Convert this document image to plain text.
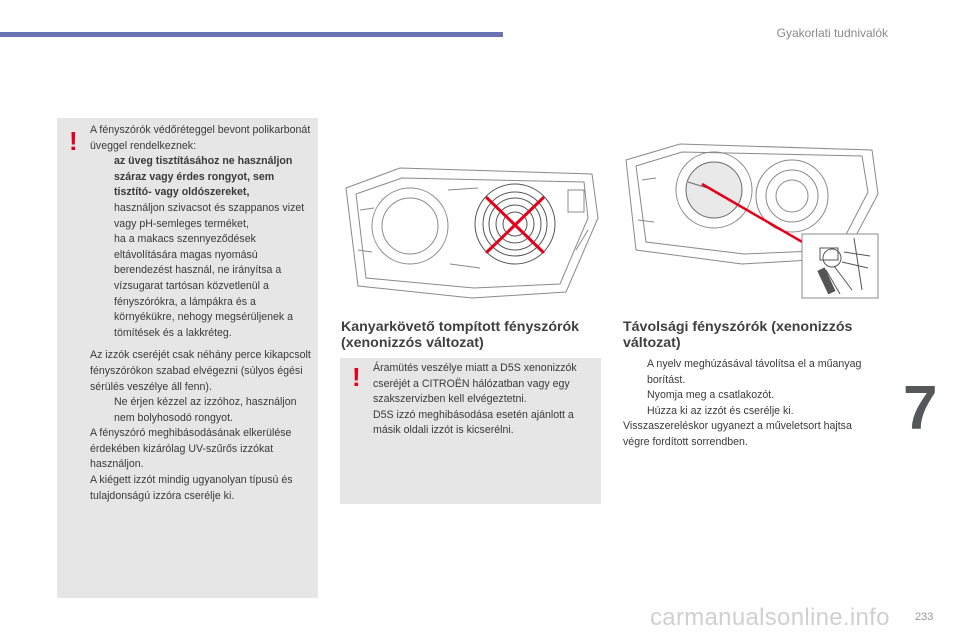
Gyakorlati tudnivalók
! A fényszórók védőréteggel bevont polikarbonát üveggel rendelkeznek:

az üveg tisztításához ne használjon száraz vagy érdes rongyot, sem tisztító- vagy oldószereket,
használjon szivacsot és szappanos vizet vagy pH-semleges terméket,
ha a makacs szennyeződések eltávolítására magas nyomású berendezést használ, ne irányítsa a vízsugarat tartósan közvetlenül a fényszórókra, a lámpákra és a környékükre, nehogy megsérüljenek a tömítések és a lakkréteg.

Az izzók cseréjét csak néhány perce kikapcsolt fényszórókon szabad elvégezni (súlyos égési sérülés veszélye áll fenn).

Ne érjen kézzel az izzóhoz, használjon nem bolyhosodó rongyot.

A fényszóró meghibásodásának elkerülése érdekében kizárólag UV-szűrős izzókat használjon.

A kiégett izzót mindig ugyanolyan típusú és tulajdonságú izzóra cserélje ki.

Kanyarkövető tompított fényszórók (xenonizzós változat)
! Áramütés veszélye miatt a D5S xenonizzók cseréjét a CITROËN hálózatban vagy egy szakszervizben kell elvégeztetni.

D5S izzó meghibásodása esetén ajánlott a másik oldali izzót is kicserélni.

Távolsági fényszórók (xenonizzós változat)
A nyelv meghúzásával távolítsa el a műanyag borítást.
Nyomja meg a csatlakozót.
Húzza ki az izzót és cserélje ki.

Visszaszereléskor ugyanezt a műveletsort hajtsa végre fordított sorrendben.	7
carmanualsonline.info 233
